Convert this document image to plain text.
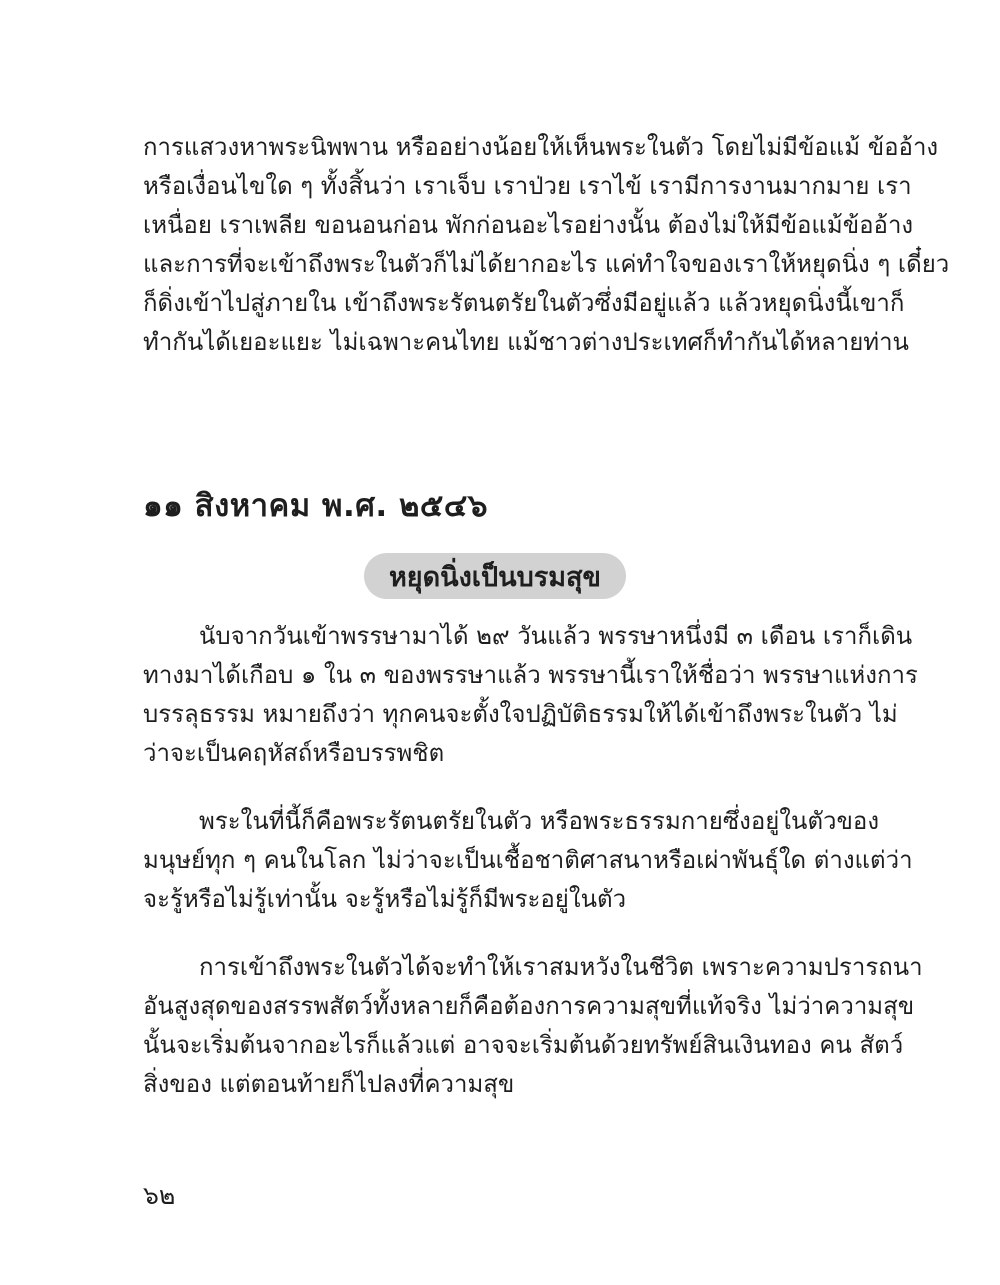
การแสวงหาพระนิพพาน หรืออย่างน้อยให้เห็นพระในตัว โดยไม่มีข้อแม้ ข้ออ้าง
หรือเงื่อนไขใด ๆ ทั้งสิ้นว่า เราเจ็บ เราป่วย เราไข้ เรามีการงานมากมาย เรา
เหนื่อย เราเพลีย ขอนอนก่อน พักก่อนอะไรอย่างนั้น ต้องไม่ให้มีข้อแม้ข้ออ้าง
และการที่จะเข้าถึงพระในตัวก็ไม่ได้ยากอะไร แค่ทำใจของเราให้หยุดนิ่ง ๆ เดี๋ยว
ก็ดิ่งเข้าไปสู่ภายใน เข้าถึงพระรัตนตรัยในตัวซึ่งมีอยู่แล้ว แล้วหยุดนิ่งนี้เขาก็
ทำกันได้เยอะแยะ ไม่เฉพาะคนไทย แม้ชาวต่างประเทศก็ทำกันได้หลายท่าน

๑๑ สิงหาคม พ.ศ. ๒๕๔๖
หยุดนิ่งเป็นบรมสุข

นับจากวันเข้าพรรษามาได้ ๒๙ วันแล้ว พรรษาหนึ่งมี ๓ เดือน เราก็เดิน
ทางมาได้เกือบ ๑ ใน ๓ ของพรรษาแล้ว พรรษานี้เราให้ชื่อว่า พรรษาแห่งการ
บรรลุธรรม หมายถึงว่า ทุกคนจะตั้งใจปฏิบัติธรรมให้ได้เข้าถึงพระในตัว ไม่
ว่าจะเป็นคฤหัสถ์หรือบรรพชิต

พระในที่นี้ก็คือพระรัตนตรัยในตัว หรือพระธรรมกายซึ่งอยู่ในตัวของ
มนุษย์ทุก ๆ คนในโลก ไม่ว่าจะเป็นเชื้อชาติศาสนาหรือเผ่าพันธุ์ใด ต่างแต่ว่า
จะรู้หรือไม่รู้เท่านั้น จะรู้หรือไม่รู้ก็มีพระอยู่ในตัว

การเข้าถึงพระในตัวได้จะทำให้เราสมหวังในชีวิต เพราะความปรารถนา
อันสูงสุดของสรรพสัตว์ทั้งหลายก็คือต้องการความสุขที่แท้จริง ไม่ว่าความสุข
นั้นจะเริ่มต้นจากอะไรก็แล้วแต่ อาจจะเริ่มต้นด้วยทรัพย์สินเงินทอง คน สัตว์
สิ่งของ แต่ตอนท้ายก็ไปลงที่ความสุข

๖๒
